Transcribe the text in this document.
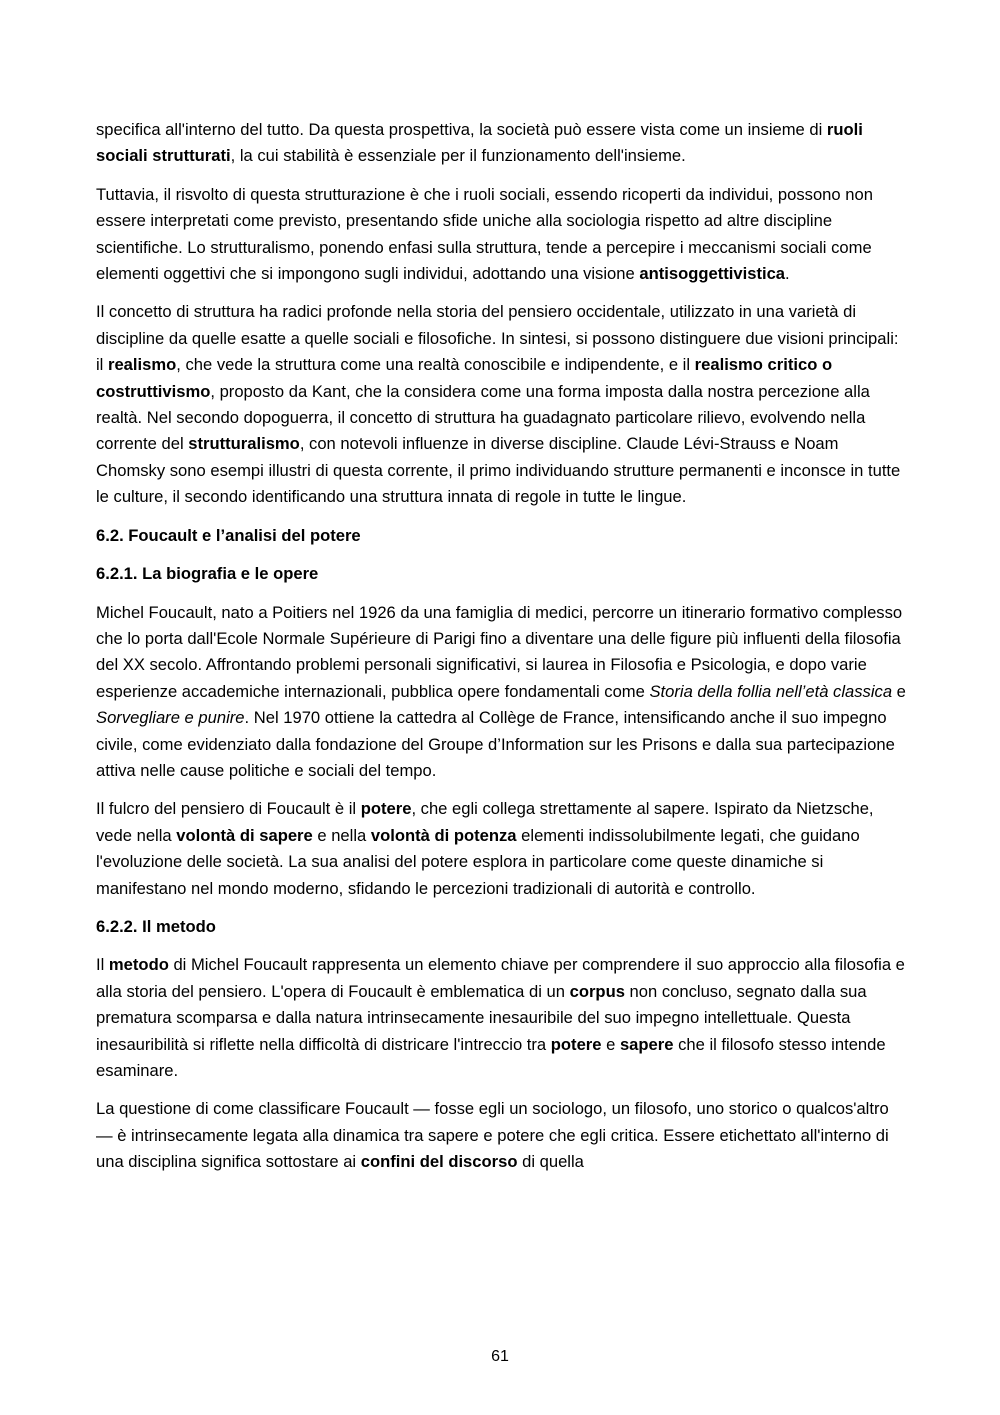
specifica all'interno del tutto. Da questa prospettiva, la società può essere vista come un insieme di ruoli sociali strutturati, la cui stabilità è essenziale per il funzionamento dell'insieme.

Tuttavia, il risvolto di questa strutturazione è che i ruoli sociali, essendo ricoperti da individui, possono non essere interpretati come previsto, presentando sfide uniche alla sociologia rispetto ad altre discipline scientifiche. Lo strutturalismo, ponendo enfasi sulla struttura, tende a percepire i meccanismi sociali come elementi oggettivi che si impongono sugli individui, adottando una visione antisoggettivistica.

Il concetto di struttura ha radici profonde nella storia del pensiero occidentale, utilizzato in una varietà di discipline da quelle esatte a quelle sociali e filosofiche. In sintesi, si possono distinguere due visioni principali: il realismo, che vede la struttura come una realtà conoscibile e indipendente, e il realismo critico o costruttivismo, proposto da Kant, che la considera come una forma imposta dalla nostra percezione alla realtà. Nel secondo dopoguerra, il concetto di struttura ha guadagnato particolare rilievo, evolvendo nella corrente del strutturalismo, con notevoli influenze in diverse discipline. Claude Lévi-Strauss e Noam Chomsky sono esempi illustri di questa corrente, il primo individuando strutture permanenti e inconsce in tutte le culture, il secondo identificando una struttura innata di regole in tutte le lingue.

6.2. Foucault e l’analisi del potere
6.2.1. La biografia e le opere

Michel Foucault, nato a Poitiers nel 1926 da una famiglia di medici, percorre un itinerario formativo complesso che lo porta dall'Ecole Normale Supérieure di Parigi fino a diventare una delle figure più influenti della filosofia del XX secolo. Affrontando problemi personali significativi, si laurea in Filosofia e Psicologia, e dopo varie esperienze accademiche internazionali, pubblica opere fondamentali come Storia della follia nell’età classica e Sorvegliare e punire. Nel 1970 ottiene la cattedra al Collège de France, intensificando anche il suo impegno civile, come evidenziato dalla fondazione del Groupe d’Information sur les Prisons e dalla sua partecipazione attiva nelle cause politiche e sociali del tempo.

Il fulcro del pensiero di Foucault è il potere, che egli collega strettamente al sapere. Ispirato da Nietzsche, vede nella volontà di sapere e nella volontà di potenza elementi indissolubilmente legati, che guidano l'evoluzione delle società. La sua analisi del potere esplora in particolare come queste dinamiche si manifestano nel mondo moderno, sfidando le percezioni tradizionali di autorità e controllo.

6.2.2. Il metodo

Il metodo di Michel Foucault rappresenta un elemento chiave per comprendere il suo approccio alla filosofia e alla storia del pensiero. L'opera di Foucault è emblematica di un corpus non concluso, segnato dalla sua prematura scomparsa e dalla natura intrinsecamente inesauribile del suo impegno intellettuale. Questa inesauribilità si riflette nella difficoltà di districare l'intreccio tra potere e sapere che il filosofo stesso intende esaminare.

La questione di come classificare Foucault — fosse egli un sociologo, un filosofo, uno storico o qualcos'altro — è intrinsecamente legata alla dinamica tra sapere e potere che egli critica. Essere etichettato all'interno di una disciplina significa sottostare ai confini del discorso di quella

61
